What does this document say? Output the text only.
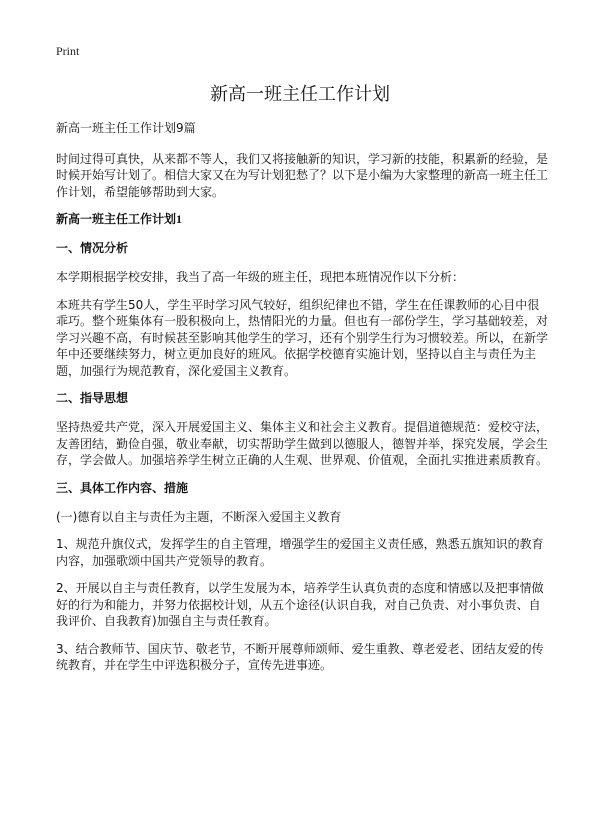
Print
新高一班主任工作计划

新高一班主任工作计划9篇

时间过得可真快，从来都不等人，我们又将接触新的知识，学习新的技能，积累新的经验，是时候开始写计划了。相信大家又在为写计划犯愁了？以下是小编为大家整理的新高一班主任工作计划，希望能够帮助到大家。

新高一班主任工作计划1
一、情况分析

本学期根据学校安排，我当了高一年级的班主任，现把本班情况作以下分析：

本班共有学生50人，学生平时学习风气较好，组织纪律也不错，学生在任课教师的心目中很乖巧。整个班集体有一股积极向上，热情阳光的力量。但也有一部份学生，学习基础较差，对学习兴趣不高，有时候甚至影响其他学生的学习，还有个别学生行为习惯较差。所以，在新学年中还要继续努力，树立更加良好的班风。依据学校德育实施计划，坚持以自主与责任为主题，加强行为规范教育，深化爱国主义教育。

二、指导思想

坚持热爱共产党，深入开展爱国主义、集体主义和社会主义教育。提倡道德规范：爱校守法，友善团结，勤俭自强，敬业奉献，切实帮助学生做到以德服人，德智并举，探究发展，学会生存，学会做人。加强培养学生树立正确的人生观、世界观、价值观，全面扎实推进素质教育。

三、具体工作内容、措施

(一)德育以自主与责任为主题，不断深入爱国主义教育

1、规范升旗仪式，发挥学生的自主管理，增强学生的爱国主义责任感，熟悉五旗知识的教育内容，加强歌颂中国共产党领导的教育。

2、开展以自主与责任教育，以学生发展为本，培养学生认真负责的态度和情感以及把事情做好的行为和能力，并努力依据校计划，从五个途径(认识自我，对自己负责、对小事负责、自我评价、自我教育)加强自主与责任教育。

3、结合教师节、国庆节、敬老节，不断开展尊师颂师、爱生重教、尊老爱老、团结友爱的传统教育，并在学生中评选积极分子，宣传先进事迹。
